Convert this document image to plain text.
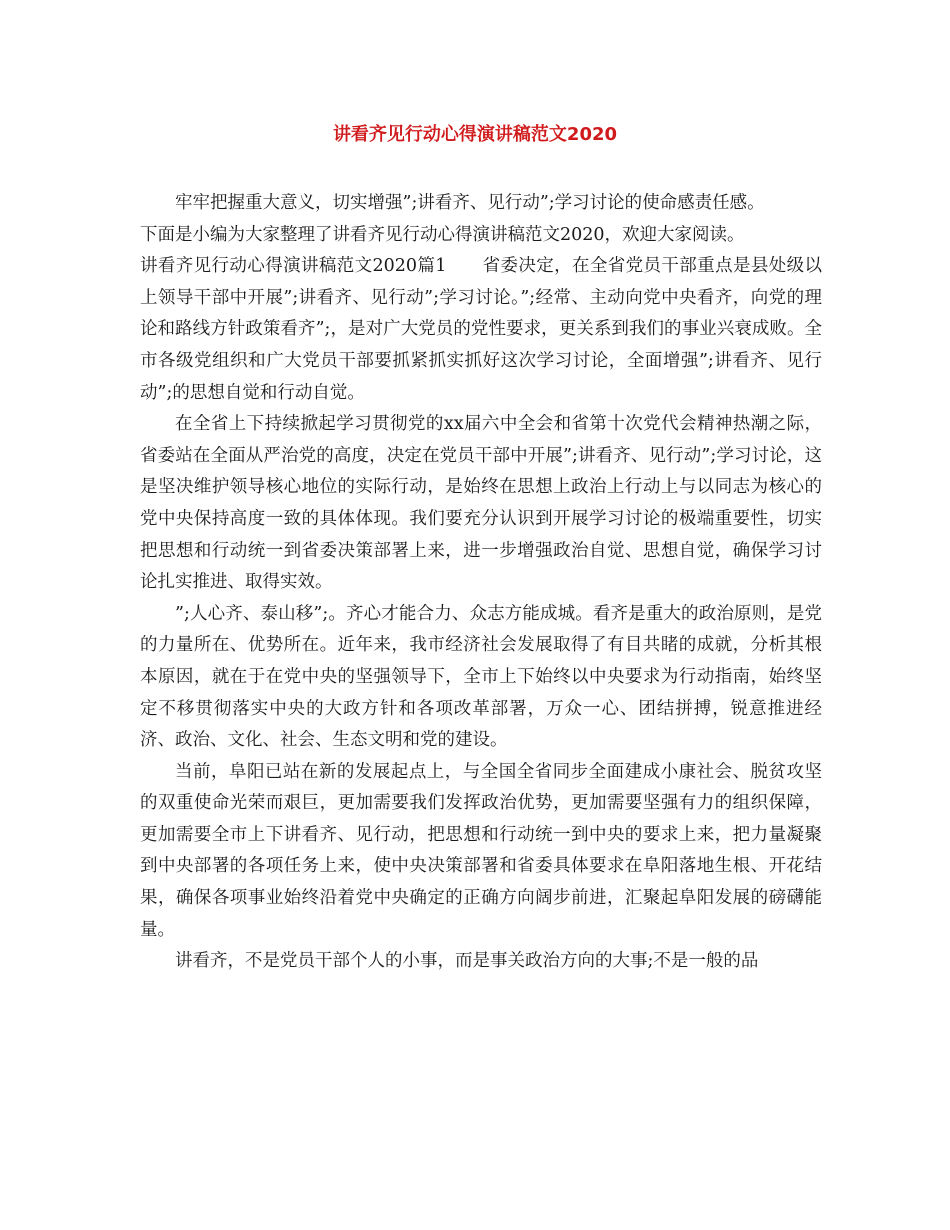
讲看齐见行动心得演讲稿范文2020

牢牢把握重大意义，切实增强”;讲看齐、见行动”;学习讨论的使命感责任感。

下面是小编为大家整理了讲看齐见行动心得演讲稿范文2020，欢迎大家阅读。

讲看齐见行动心得演讲稿范文2020篇1　　省委决定，在全省党员干部重点是县处级以上领导干部中开展”;讲看齐、见行动”;学习讨论。”;经常、主动向党中央看齐，向党的理论和路线方针政策看齐”;，是对广大党员的党性要求，更关系到我们的事业兴衰成败。全市各级党组织和广大党员干部要抓紧抓实抓好这次学习讨论，全面增强”;讲看齐、见行动”;的思想自觉和行动自觉。

在全省上下持续掀起学习贯彻党的xx届六中全会和省第十次党代会精神热潮之际，省委站在全面从严治党的高度，决定在党员干部中开展”;讲看齐、见行动”;学习讨论，这是坚决维护领导核心地位的实际行动，是始终在思想上政治上行动上与以同志为核心的党中央保持高度一致的具体体现。我们要充分认识到开展学习讨论的极端重要性，切实把思想和行动统一到省委决策部署上来，进一步增强政治自觉、思想自觉，确保学习讨论扎实推进、取得实效。

”;人心齐、泰山移”;。齐心才能合力、众志方能成城。看齐是重大的政治原则，是党的力量所在、优势所在。近年来，我市经济社会发展取得了有目共睹的成就，分析其根本原因，就在于在党中央的坚强领导下，全市上下始终以中央要求为行动指南，始终坚定不移贯彻落实中央的大政方针和各项改革部署，万众一心、团结拼搏，锐意推进经济、政治、文化、社会、生态文明和党的建设。

当前，阜阳已站在新的发展起点上，与全国全省同步全面建成小康社会、脱贫攻坚的双重使命光荣而艰巨，更加需要我们发挥政治优势，更加需要坚强有力的组织保障，更加需要全市上下讲看齐、见行动，把思想和行动统一到中央的要求上来，把力量凝聚到中央部署的各项任务上来，使中央决策部署和省委具体要求在阜阳落地生根、开花结果，确保各项事业始终沿着党中央确定的正确方向阔步前进，汇聚起阜阳发展的磅礴能量。

讲看齐，不是党员干部个人的小事，而是事关政治方向的大事;不是一般的品
